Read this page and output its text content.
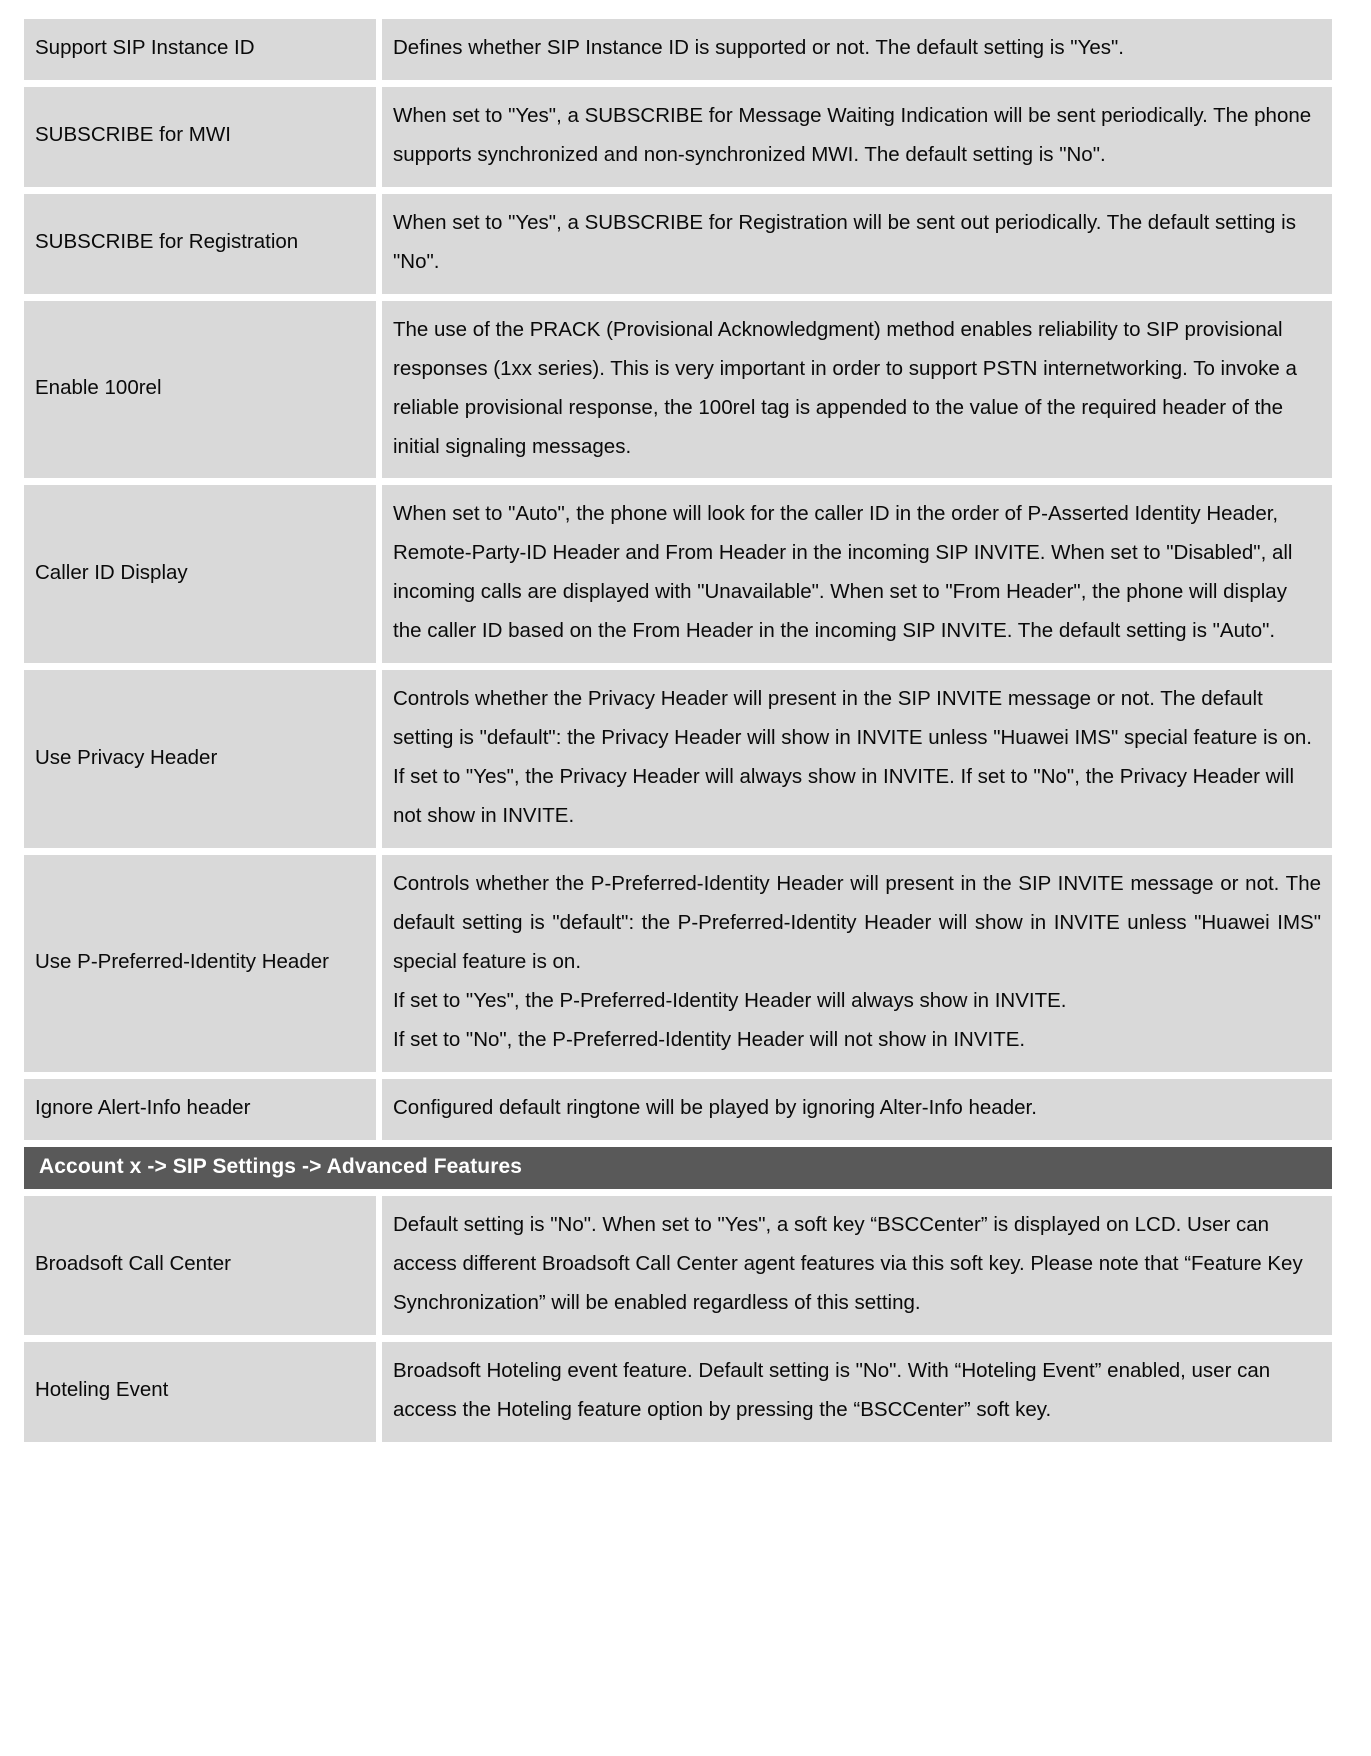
Support SIP Instance ID	Defines whether SIP Instance ID is supported or not. The default setting is "Yes".

SUBSCRIBE for MWI	When set to "Yes", a SUBSCRIBE for Message Waiting Indication will be sent periodically. The phone supports synchronized and non-synchronized MWI. The default setting is "No".

SUBSCRIBE for Registration	When set to "Yes", a SUBSCRIBE for Registration will be sent out periodically. The default setting is "No".

Enable 100rel	The use of the PRACK (Provisional Acknowledgment) method enables reliability to SIP provisional responses (1xx series). This is very important in order to support PSTN internetworking. To invoke a reliable provisional response, the 100rel tag is appended to the value of the required header of the initial signaling messages.

Caller ID Display	When set to "Auto", the phone will look for the caller ID in the order of P-Asserted Identity Header, Remote-Party-ID Header and From Header in the incoming SIP INVITE. When set to "Disabled", all incoming calls are displayed with "Unavailable". When set to "From Header", the phone will display the caller ID based on the From Header in the incoming SIP INVITE. The default setting is "Auto".

Use Privacy Header	Controls whether the Privacy Header will present in the SIP INVITE message or not. The default setting is "default": the Privacy Header will show in INVITE unless "Huawei IMS" special feature is on. If set to "Yes", the Privacy Header will always show in INVITE. If set to "No", the Privacy Header will not show in INVITE.

Use P-Preferred-Identity Header	Controls whether the P-Preferred-Identity Header will present in the SIP INVITE message or not. The default setting is "default": the P-Preferred-Identity Header will show in INVITE unless "Huawei IMS" special feature is on.

If set to "Yes", the P-Preferred-Identity Header will always show in INVITE.

If set to "No", the P-Preferred-Identity Header will not show in INVITE.

Ignore Alert-Info header	Configured default ringtone will be played by ignoring Alter-Info header.

Account x -> SIP Settings -> Advanced Features	

Broadsoft Call Center	Default setting is "No". When set to "Yes", a soft key “BSCCenter” is displayed on LCD. User can access different Broadsoft Call Center agent features via this soft key. Please note that “Feature Key Synchronization” will be enabled regardless of this setting.

Hoteling Event	Broadsoft Hoteling event feature. Default setting is "No". With “Hoteling Event” enabled, user can access the Hoteling feature option by pressing the “BSCCenter” soft key.
